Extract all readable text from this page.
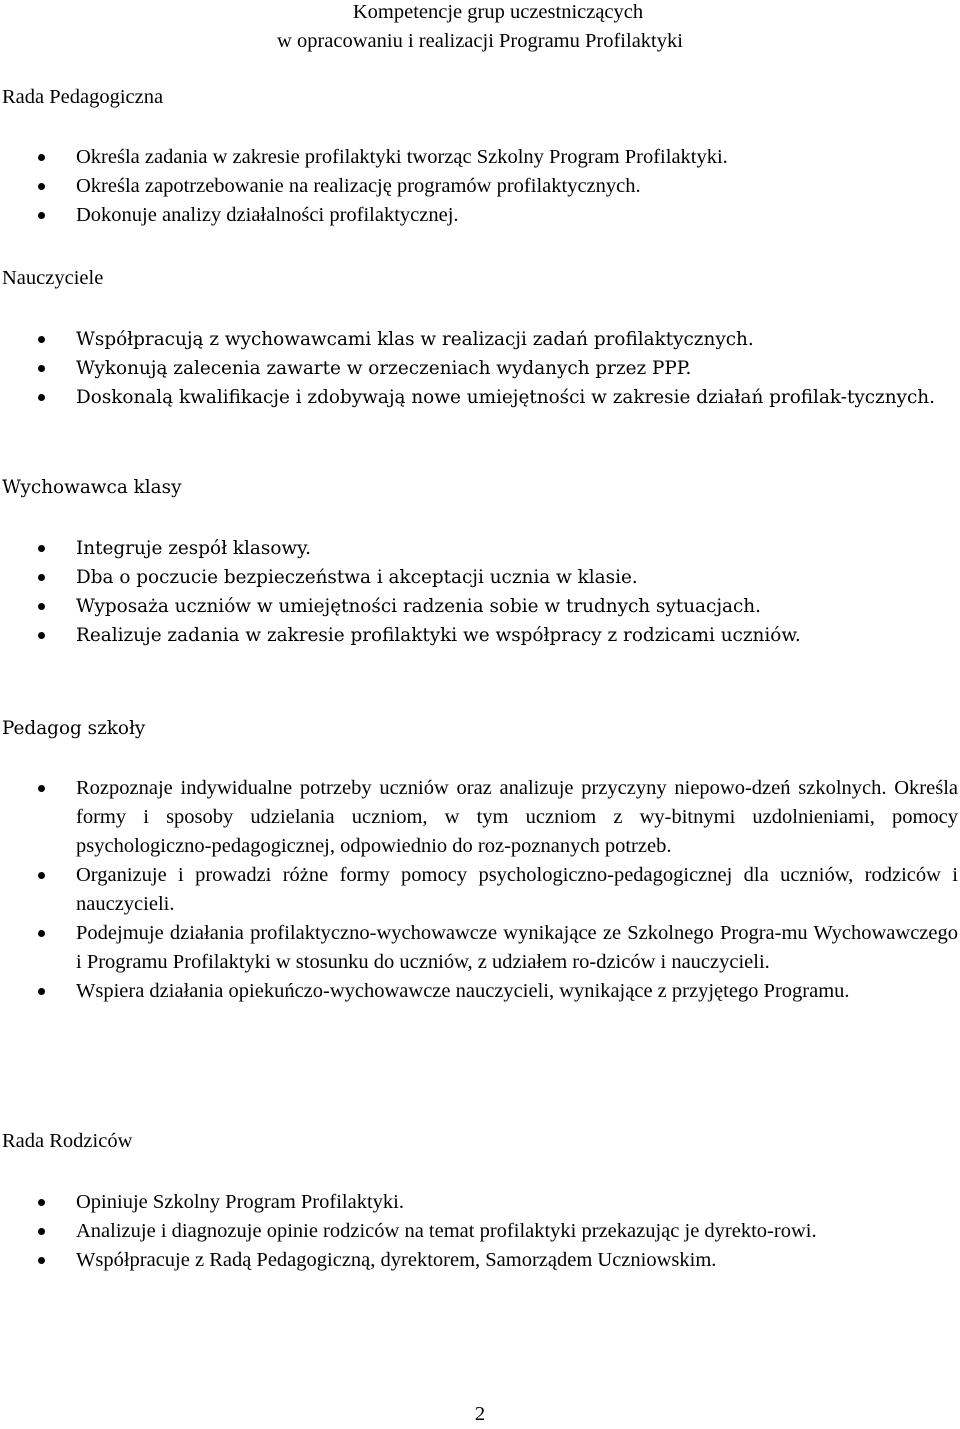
Kompetencje grup uczestniczących
w opracowaniu i realizacji Programu Profilaktyki
Rada Pedagogiczna
Określa zadania w zakresie profilaktyki tworząc Szkolny Program Profilaktyki.
Określa zapotrzebowanie na realizację programów profilaktycznych.
Dokonuje analizy działalności profilaktycznej.
Nauczyciele
Współpracują z wychowawcami klas w realizacji zadań profilaktycznych.
Wykonują zalecenia zawarte w orzeczeniach wydanych przez PPP.
Doskonalą kwalifikacje i zdobywają nowe umiejętności w zakresie działań profilak-tycznych.
Wychowawca klasy
Integruje zespół klasowy.
Dba o poczucie bezpieczeństwa i akceptacji ucznia w klasie.
Wyposaża uczniów w umiejętności radzenia sobie w trudnych sytuacjach.
Realizuje zadania w zakresie profilaktyki we współpracy z rodzicami uczniów.
Pedagog szkoły
Rozpoznaje indywidualne potrzeby uczniów oraz analizuje przyczyny niepowo-dzeń szkolnych. Określa formy i sposoby udzielania uczniom, w tym uczniom z wy-bitnymi uzdolnieniami, pomocy psychologiczno-pedagogicznej, odpowiednio do roz-poznanych potrzeb.
Organizuje i prowadzi różne formy pomocy psychologiczno-pedagogicznej dla uczniów, rodziców i nauczycieli.
Podejmuje działania profilaktyczno-wychowawcze wynikające ze Szkolnego Progra-mu Wychowawczego i Programu Profilaktyki w stosunku do uczniów, z udziałem ro-dziców i nauczycieli.
Wspiera działania opiekuńczo-wychowawcze nauczycieli, wynikające z przyjętego Programu.
Rada Rodziców
Opiniuje Szkolny Program Profilaktyki.
Analizuje i diagnozuje opinie rodziców na temat profilaktyki przekazując je dyrekto-rowi.
Współpracuje z Radą Pedagogiczną, dyrektorem, Samorządem Uczniowskim.
2
